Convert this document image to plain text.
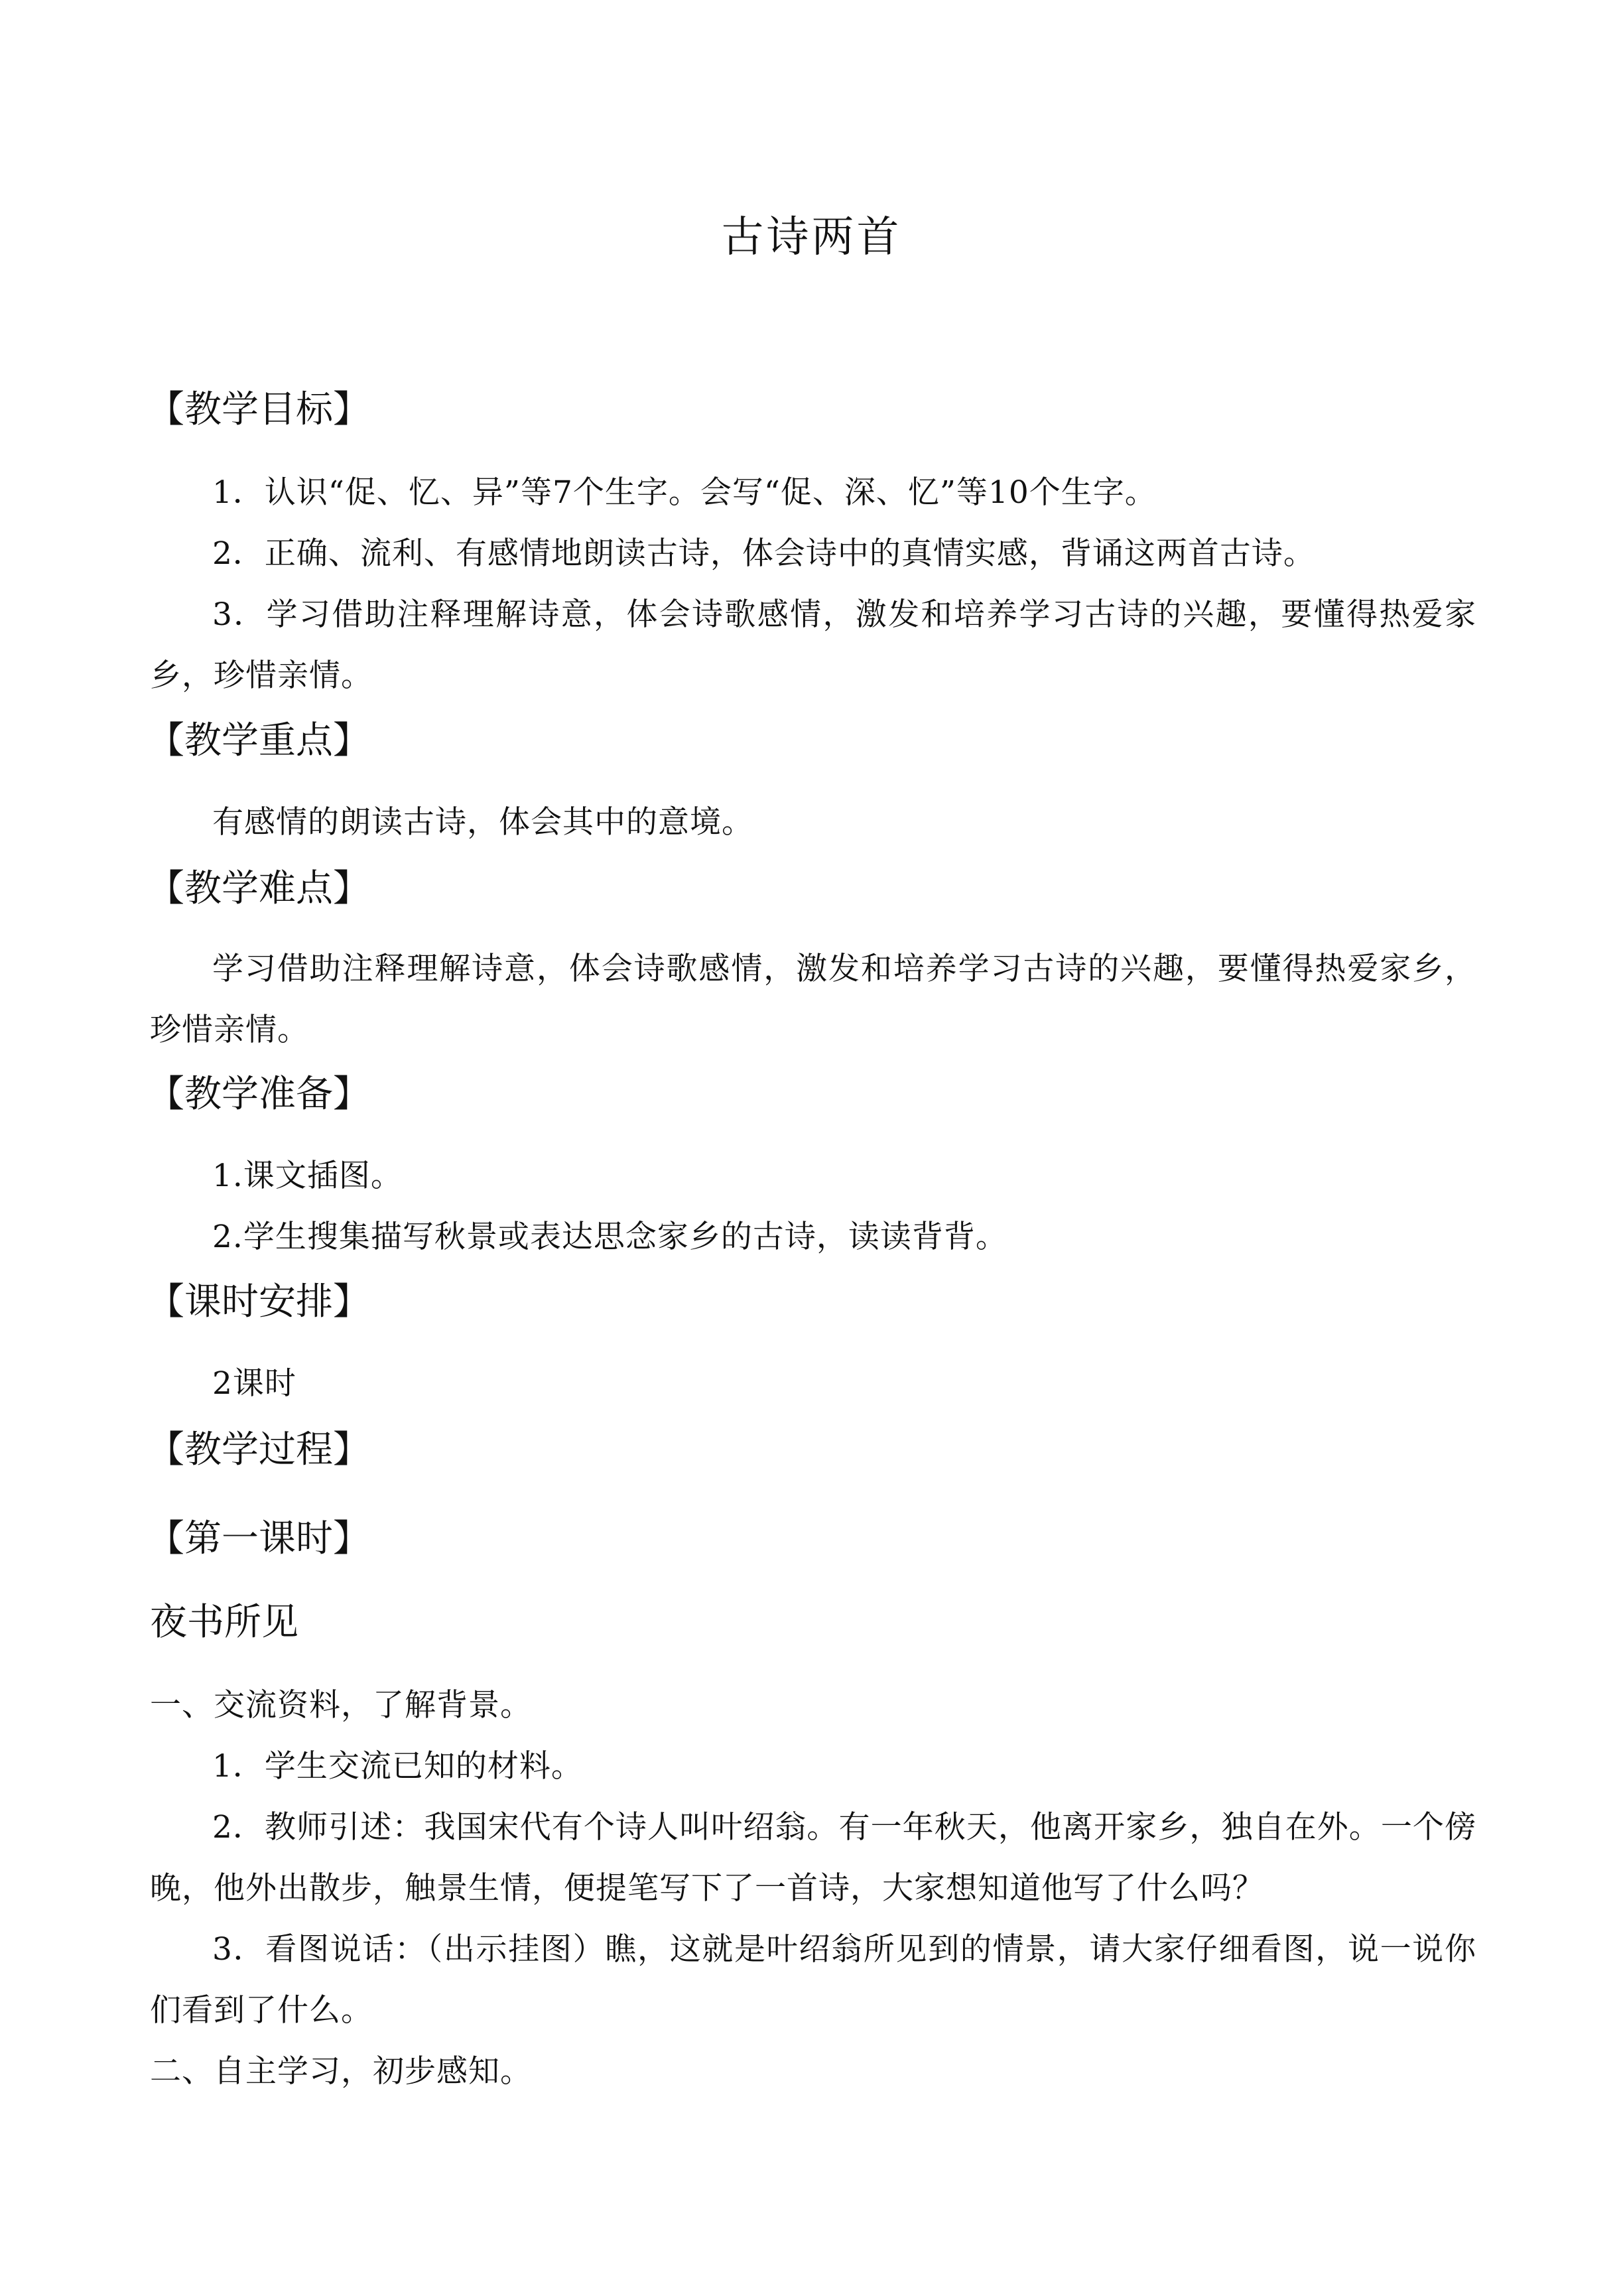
古诗两首
【教学目标】
1．认识“促、忆、异”等7个生字。会写“促、深、忆”等10个生字。
2．正确、流利、有感情地朗读古诗，体会诗中的真情实感，背诵这两首古诗。
3．学习借助注释理解诗意，体会诗歌感情，激发和培养学习古诗的兴趣，要懂得热爱家乡，珍惜亲情。
【教学重点】
有感情的朗读古诗，体会其中的意境。
【教学难点】
学习借助注释理解诗意，体会诗歌感情，激发和培养学习古诗的兴趣，要懂得热爱家乡，珍惜亲情。
【教学准备】
1.课文插图。
2.学生搜集描写秋景或表达思念家乡的古诗，读读背背。
【课时安排】
2课时
【教学过程】
【第一课时】
夜书所见
一、交流资料，了解背景。
1．学生交流已知的材料。
2．教师引述：我国宋代有个诗人叫叶绍翁。有一年秋天，他离开家乡，独自在外。一个傍晚，他外出散步，触景生情，便提笔写下了一首诗，大家想知道他写了什么吗？
3．看图说话：（出示挂图）瞧，这就是叶绍翁所见到的情景，请大家仔细看图，说一说你们看到了什么。
二、自主学习，初步感知。
